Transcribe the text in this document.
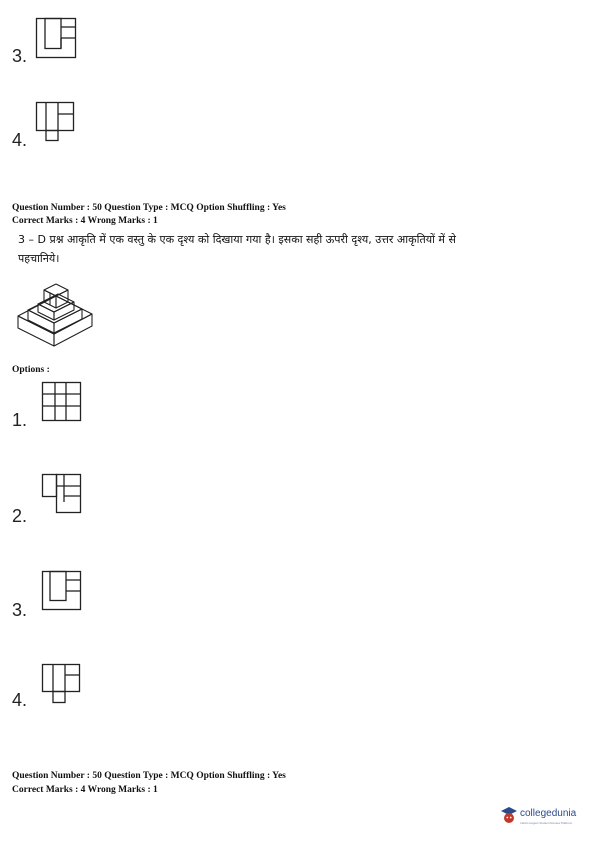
3.
4.
Question Number : 50 Question Type : MCQ Option Shuffling : Yes
Correct Marks : 4 Wrong Marks : 1
3 – D प्रश्न आकृति में एक वस्तु के एक दृश्य को दिखाया गया है। इसका सही ऊपरी दृश्य, उत्तर आकृतियों में से
पहचानिये।
Options :
1.
2.
3.
4.
Question Number : 50 Question Type : MCQ Option Shuffling : Yes
Correct Marks : 4 Wrong Marks : 1
collegedunia
India's largest Student Review Platform
